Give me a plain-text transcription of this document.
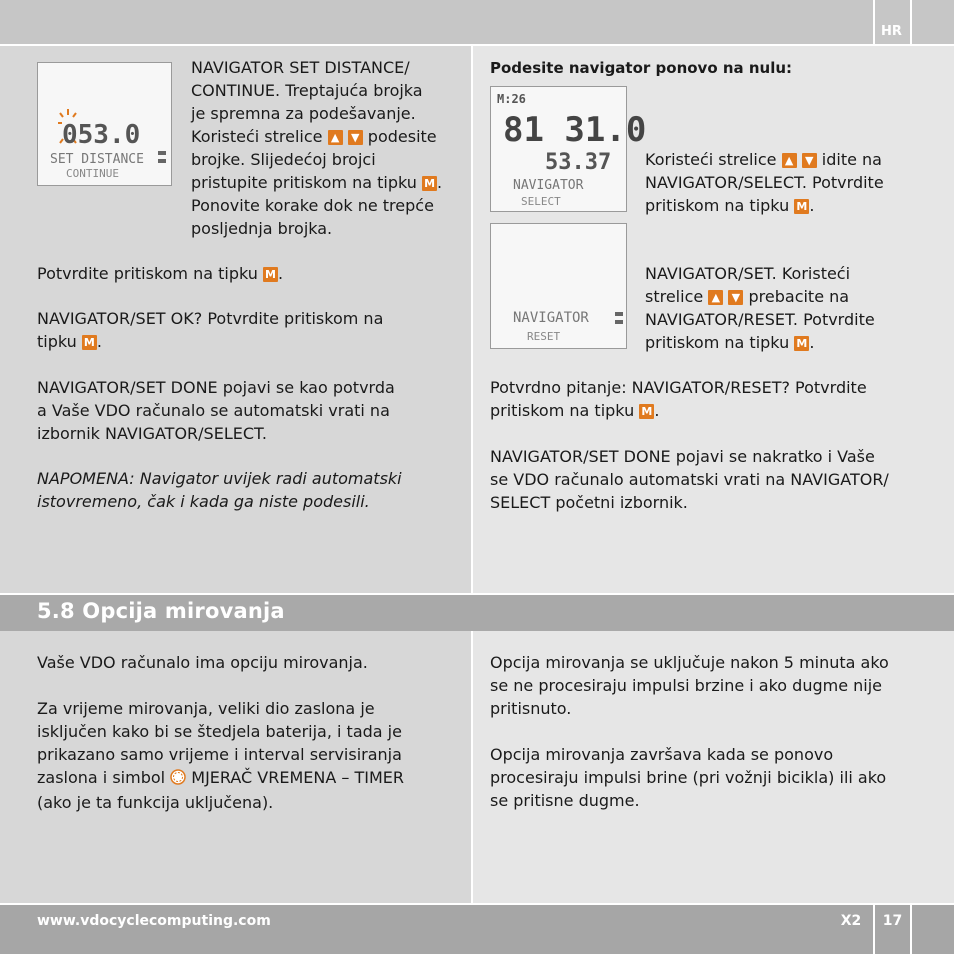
HR
053.0
SET DISTANCE
CONTINUE
NAVIGATOR SET DISTANCE/
CONTINUE. Treptajuća brojka
je spremna za podešavanje.
Koristeći strelice ▲ ▼ podesite
brojke. Slijedećoj brojci
pristupite pritiskom na tipku M .
Ponovite korake dok ne trepće
posljednja brojka.
Potvrdite pritiskom na tipku M .
NAVIGATOR/SET OK? Potvrdite pritiskom na
tipku M .
NAVIGATOR/SET DONE pojavi se kao potvrda
a Vaše VDO računalo se automatski vrati na
izbornik NAVIGATOR/SELECT.
NAPOMENA: Navigator uvijek radi automatski
istovremeno, čak i kada ga niste podesili.
Podesite navigator ponovo na nulu:
M:26
81 31.0
53.37
NAVIGATOR
SELECT
Koristeći strelice ▲ ▼ idite na
NAVIGATOR/SELECT. Potvrdite
pritiskom na tipku M .
NAVIGATOR
RESET
NAVIGATOR/SET. Koristeći
strelice ▲ ▼ prebacite na
NAVIGATOR/RESET. Potvrdite
pritiskom na tipku M .
Potvrdno pitanje: NAVIGATOR/RESET? Potvrdite
pritiskom na tipku M .
NAVIGATOR/SET DONE pojavi se nakratko i Vaše
se VDO računalo automatski vrati na NAVIGATOR/
SELECT početni izbornik.
5.8 Opcija mirovanja
Vaše VDO računalo ima opciju mirovanja.
Za vrijeme mirovanja, veliki dio zaslona je
isključen kako bi se štedjela baterija, i tada je
prikazano samo vrijeme i interval servisiranja
zaslona i simbol MJERAČ VREMENA – TIMER
(ako je ta funkcija uključena).
Opcija mirovanja se uključuje nakon 5 minuta ako
se ne procesiraju impulsi brzine i ako dugme nije
pritisnuto.
Opcija mirovanja završava kada se ponovo
procesiraju impulsi brine (pri vožnji bicikla) ili ako
se pritisne dugme.
www.vdocyclecomputing.com	X2	17
